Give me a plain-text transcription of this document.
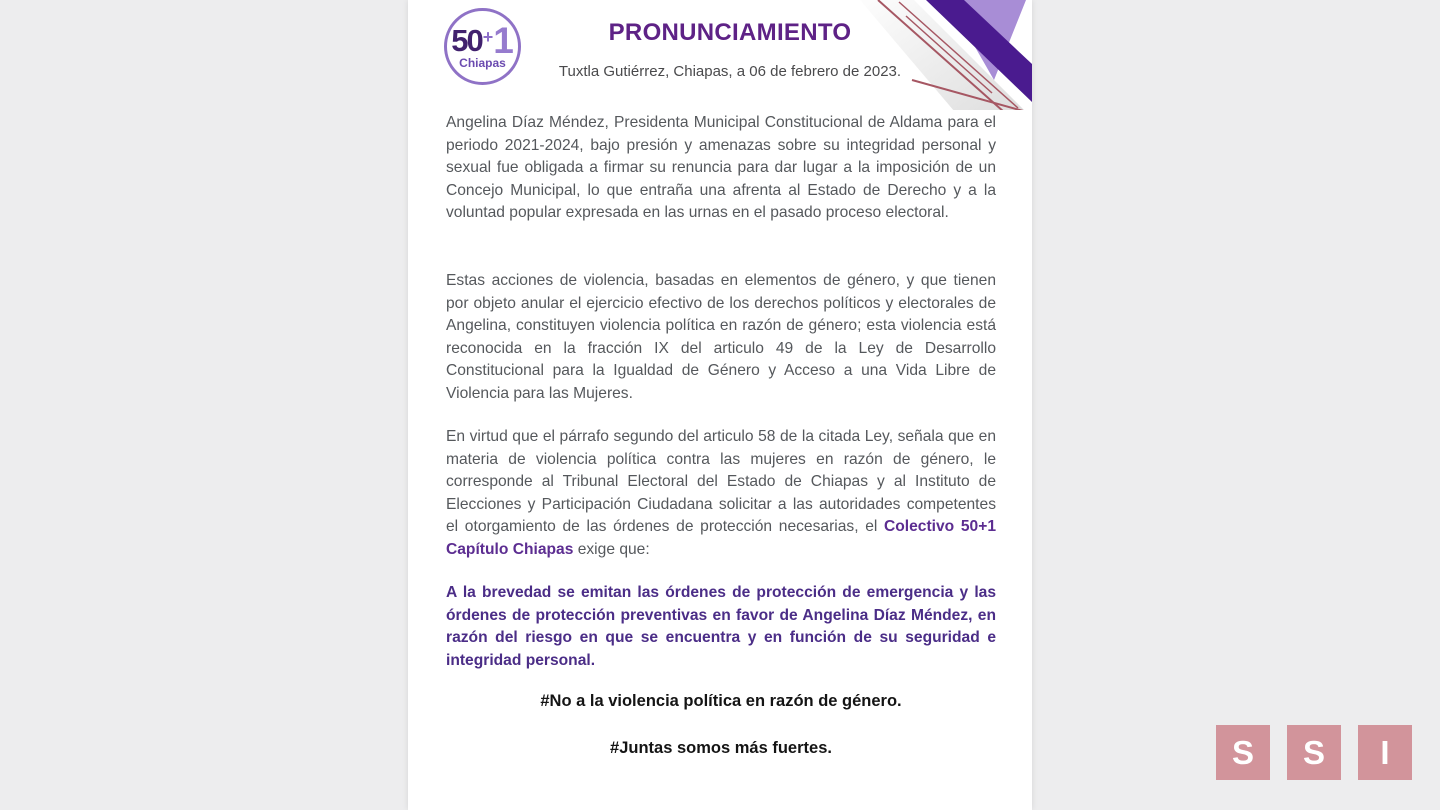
50 + 1
Chiapas
PRONUNCIAMIENTO
Tuxtla Gutiérrez, Chiapas, a 06 de febrero de 2023.

Angelina Díaz Méndez, Presidenta Municipal Constitucional de Aldama para el periodo 2021-2024, bajo presión y amenazas sobre su integridad personal y sexual fue obligada a firmar su renuncia para dar lugar a la imposición de un Concejo Municipal, lo que entraña una afrenta al Estado de Derecho y a la voluntad popular expresada en las urnas en el pasado proceso electoral.

Estas acciones de violencia, basadas en elementos de género, y que tienen por objeto anular el ejercicio efectivo de los derechos políticos y electorales de Angelina, constituyen violencia política en razón de género; esta violencia está reconocida en la fracción IX del articulo 49 de la Ley de Desarrollo Constitucional para la Igualdad de Género y Acceso a una Vida Libre de Violencia para las Mujeres.

En virtud que el párrafo segundo del articulo 58 de la citada Ley, señala que en materia de violencia política contra las mujeres en razón de género, le corresponde al Tribunal Electoral del Estado de Chiapas y al Instituto de Elecciones y Participación Ciudadana solicitar a las autoridades competentes el otorgamiento de las órdenes de protección necesarias, el Colectivo 50+1 Capítulo Chiapas exige que:

A la brevedad se emitan las órdenes de protección de emergencia y las órdenes de protección preventivas en favor de Angelina Díaz Méndez, en razón del riesgo en que se encuentra y en función de su seguridad e integridad personal.

#No a la violencia política en razón de género.
#Juntas somos más fuertes.	S	S	I
